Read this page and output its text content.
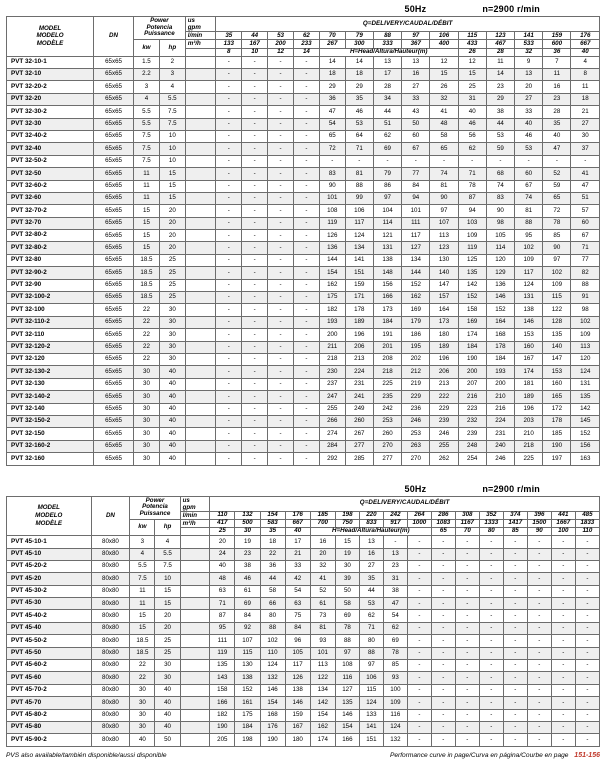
50Hz	n=2900 r/min
MODEL
MODELO
MODÈLE	DN	Power
Potencia
Puissance		us
gpm	Q=DELIVERY/CAUDAL/DÉBIT													
				l/min	35	44	53	62	70	79	88	97	106	115	123	141	159	176
		kw	hp	m³/h	133	167	200	233	267	300	333	367	400	433	467	533	600	667
					8	10	12	14	H=Head/Altura/Hauteur(m)					26	28	32	36	40
PVT 32-10-1	65x65	1.5	2		-	-	-	-	14	14	13	13	12	12	11	9	7	4
PVT 32-10	65x65	2.2	3		-	-	-	-	18	18	17	16	15	15	14	13	11	8
PVT 32-20-2	65x65	3	4		-	-	-	-	29	29	28	27	26	25	23	20	16	11
PVT 32-20	65x65	4	5.5		-	-	-	-	36	35	34	33	32	31	29	27	23	18
PVT 32-30-2	65x65	5.5	7.5		-	-	-	-	47	46	44	43	41	40	38	33	28	21
PVT 32-30	65x65	5.5	7.5		-	-	-	-	54	53	51	50	48	46	44	40	35	27
PVT 32-40-2	65x65	7.5	10		-	-	-	-	65	64	62	60	58	56	53	46	40	30
PVT 32-40	65x65	7.5	10		-	-	-	-	72	71	69	67	65	62	59	53	47	37
PVT 32-50-2	65x65	7.5	10		-	-	-	-	-	-	-	-	-	-	-	-	-	-
PVT 32-50	65x65	11	15		-	-	-	-	83	81	79	77	74	71	68	60	52	41
PVT 32-60-2	65x65	11	15		-	-	-	-	90	88	86	84	81	78	74	67	59	47
PVT 32-60	65x65	11	15		-	-	-	-	101	99	97	94	90	87	83	74	65	51
PVT 32-70-2	65x65	15	20		-	-	-	-	108	106	104	101	97	94	90	81	72	57
PVT 32-70	65x65	15	20		-	-	-	-	119	117	114	111	107	103	98	88	78	60
PVT 32-80-2	65x65	15	20		-	-	-	-	126	124	121	117	113	109	105	95	85	67
PVT 32-80-2	65x65	15	20		-	-	-	-	136	134	131	127	123	119	114	102	90	71
PVT 32-80	65x65	18.5	25		-	-	-	-	144	141	138	134	130	125	120	109	97	77
PVT 32-90-2	65x65	18.5	25		-	-	-	-	154	151	148	144	140	135	129	117	102	82
PVT 32-90	65x65	18.5	25		-	-	-	-	162	159	156	152	147	142	136	124	109	88
PVT 32-100-2	65x65	18.5	25		-	-	-	-	175	171	166	162	157	152	146	131	115	91
PVT 32-100	65x65	22	30		-	-	-	-	182	178	173	169	164	158	152	138	122	98
PVT 32-110-2	65x65	22	30		-	-	-	-	193	189	184	179	173	169	164	146	128	102
PVT 32-110	65x65	22	30		-	-	-	-	200	196	191	186	180	174	168	153	135	109
PVT 32-120-2	65x65	22	30		-	-	-	-	211	206	201	195	189	184	178	160	140	113
PVT 32-120	65x65	22	30		-	-	-	-	218	213	208	202	196	190	184	167	147	120
PVT 32-130-2	65x65	30	40		-	-	-	-	230	224	218	212	206	200	193	174	153	124
PVT 32-130	65x65	30	40		-	-	-	-	237	231	225	219	213	207	200	181	160	131
PVT 32-140-2	65x65	30	40		-	-	-	-	247	241	235	229	222	216	210	189	165	135
PVT 32-140	65x65	30	40		-	-	-	-	255	249	242	236	229	223	216	196	172	142
PVT 32-150-2	65x65	30	40		-	-	-	-	266	260	253	246	239	232	224	203	178	145
PVT 32-150	65x65	30	40		-	-	-	-	274	267	260	253	246	239	231	210	185	152
PVT 32-160-2	65x65	30	40		-	-	-	-	284	277	270	263	255	248	240	218	190	156
PVT 32-160	65x65	30	40		-	-	-	-	292	285	277	270	262	254	246	225	197	163
50Hz	n=2900 r/min
MODEL
MODELO
MODÈLE	DN	Power
Potencia
Puissance		us
gpm	Q=DELIVERY/CAUDAL/DÉBIT															
				l/min	110	132	154	176	185	198	220	242	264	286	308	352	374	396	441	485
		kw	hp	m³/h	417	500	583	667	700	750	833	917	1000	1083	1167	1333	1417	1500	1667	1833
					25	30	35	40	H=Head/Altura/Hauteur(m)					65	70	80	85	90	100	110
PVT 45-10-1	80x80	3	4		20	19	18	17	16	15	13	-	-	-	-	-	-	-	-	-
PVT 45-10	80x80	4	5.5		24	23	22	21	20	19	16	13	-	-	-	-	-	-	-	-
PVT 45-20-2	80x80	5.5	7.5		40	38	36	33	32	30	27	23	-	-	-	-	-	-	-	-
PVT 45-20	80x80	7.5	10		48	46	44	42	41	39	35	31	-	-	-	-	-	-	-	-
PVT 45-30-2	80x80	11	15		63	61	58	54	52	50	44	38	-	-	-	-	-	-	-	-
PVT 45-30	80x80	11	15		71	69	66	63	61	58	53	47	-	-	-	-	-	-	-	-
PVT 45-40-2	80x80	15	20		87	84	80	75	73	69	62	54	-	-	-	-	-	-	-	-
PVT 45-40	80x80	15	20		95	92	88	84	81	78	71	62	-	-	-	-	-	-	-	-
PVT 45-50-2	80x80	18.5	25		111	107	102	96	93	88	80	69	-	-	-	-	-	-	-	-
PVT 45-50	80x80	18.5	25		119	115	110	105	101	97	88	78	-	-	-	-	-	-	-	-
PVT 45-60-2	80x80	22	30		135	130	124	117	113	108	97	85	-	-	-	-	-	-	-	-
PVT 45-60	80x80	22	30		143	138	132	126	122	116	106	93	-	-	-	-	-	-	-	-
PVT 45-70-2	80x80	30	40		158	152	146	138	134	127	115	100	-	-	-	-	-	-	-	-
PVT 45-70	80x80	30	40		166	161	154	146	142	135	124	109	-	-	-	-	-	-	-	-
PVT 45-80-2	80x80	30	40		182	175	168	159	154	146	133	116	-	-	-	-	-	-	-	-
PVT 45-80	80x80	30	40		190	184	176	167	162	154	141	124	-	-	-	-	-	-	-	-
PVT 45-90-2	80x80	40	50		205	198	190	180	174	166	151	132	-	-	-	-	-	-	-	-
PVS also available/también disponible/aussi disponible	Performance curve in page/Curva en página/Courbe en page 151-156
